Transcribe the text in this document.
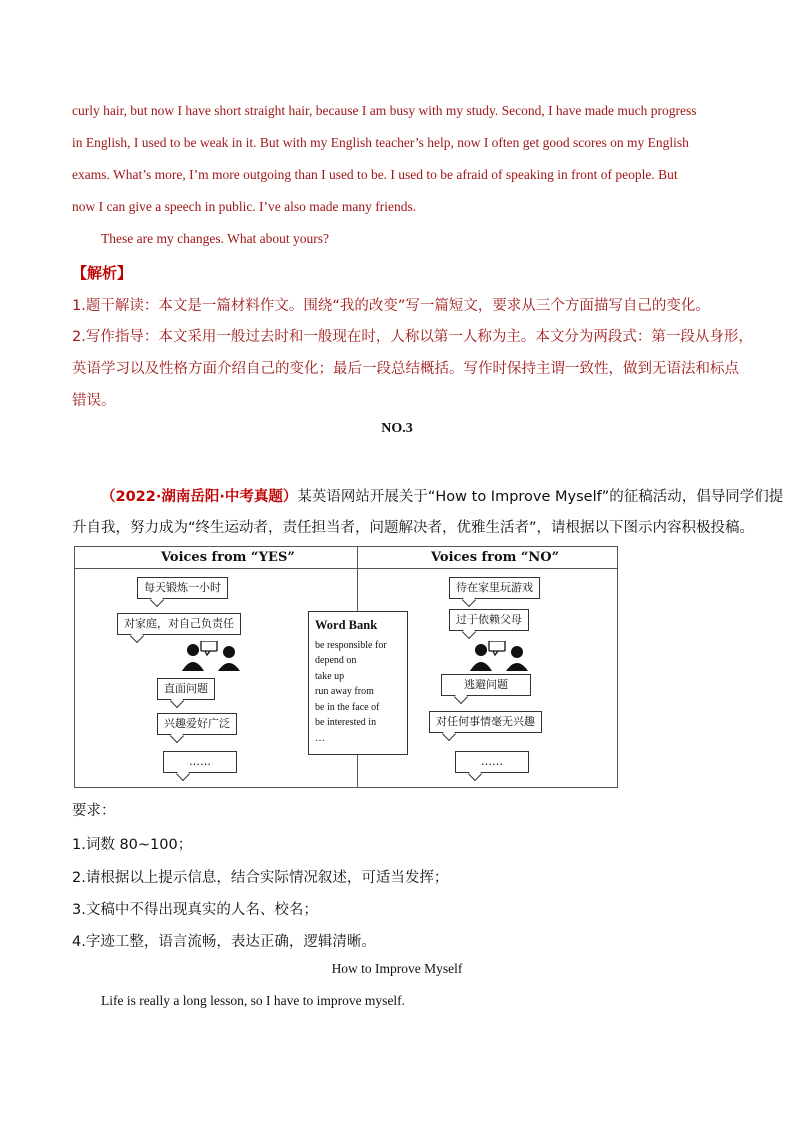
curly hair, but now I have short straight hair, because I am busy with my study. Second, I have made much progress
in English, I used to be weak in it. But with my English teacher’s help, now I often get good scores on my English
exams. What’s more, I’m more outgoing than I used to be. I used to be afraid of speaking in front of people. But
now I can give a speech in public. I’ve also made many friends.
These are my changes. What about yours?
【解析】
1.题干解读：本文是一篇材料作文。围绕“我的改变”写一篇短文，要求从三个方面描写自己的变化。
2.写作指导：本文采用一般过去时和一般现在时，人称以第一人称为主。本文分为两段式：第一段从身形，
英语学习以及性格方面介绍自己的变化；最后一段总结概括。写作时保持主谓一致性，做到无语法和标点
错误。
NO.3
（2022·湖南岳阳·中考真题）某英语网站开展关于“How to Improve Myself”的征稿活动，倡导同学们提
升自我，努力成为“终生运动者，责任担当者，问题解决者，优雅生活者”，请根据以下图示内容积极投稿。
Voices from “YES”	Voices from “NO”
每天锻炼一小时
对家庭，对自己负责任
直面问题
兴趣爱好广泛
……
Word Bank
be responsible for
depend on
take up
run away from
be in the face of
be interested in
…
待在家里玩游戏
过于依赖父母
逃避问题
对任何事情毫无兴趣
……
要求：
1.词数 80~100；
2.请根据以上提示信息，结合实际情况叙述，可适当发挥；
3.文稿中不得出现真实的人名、校名；
4.字迹工整，语言流畅，表达正确，逻辑清晰。
How to Improve Myself
Life is really a long lesson, so I have to improve myself.
